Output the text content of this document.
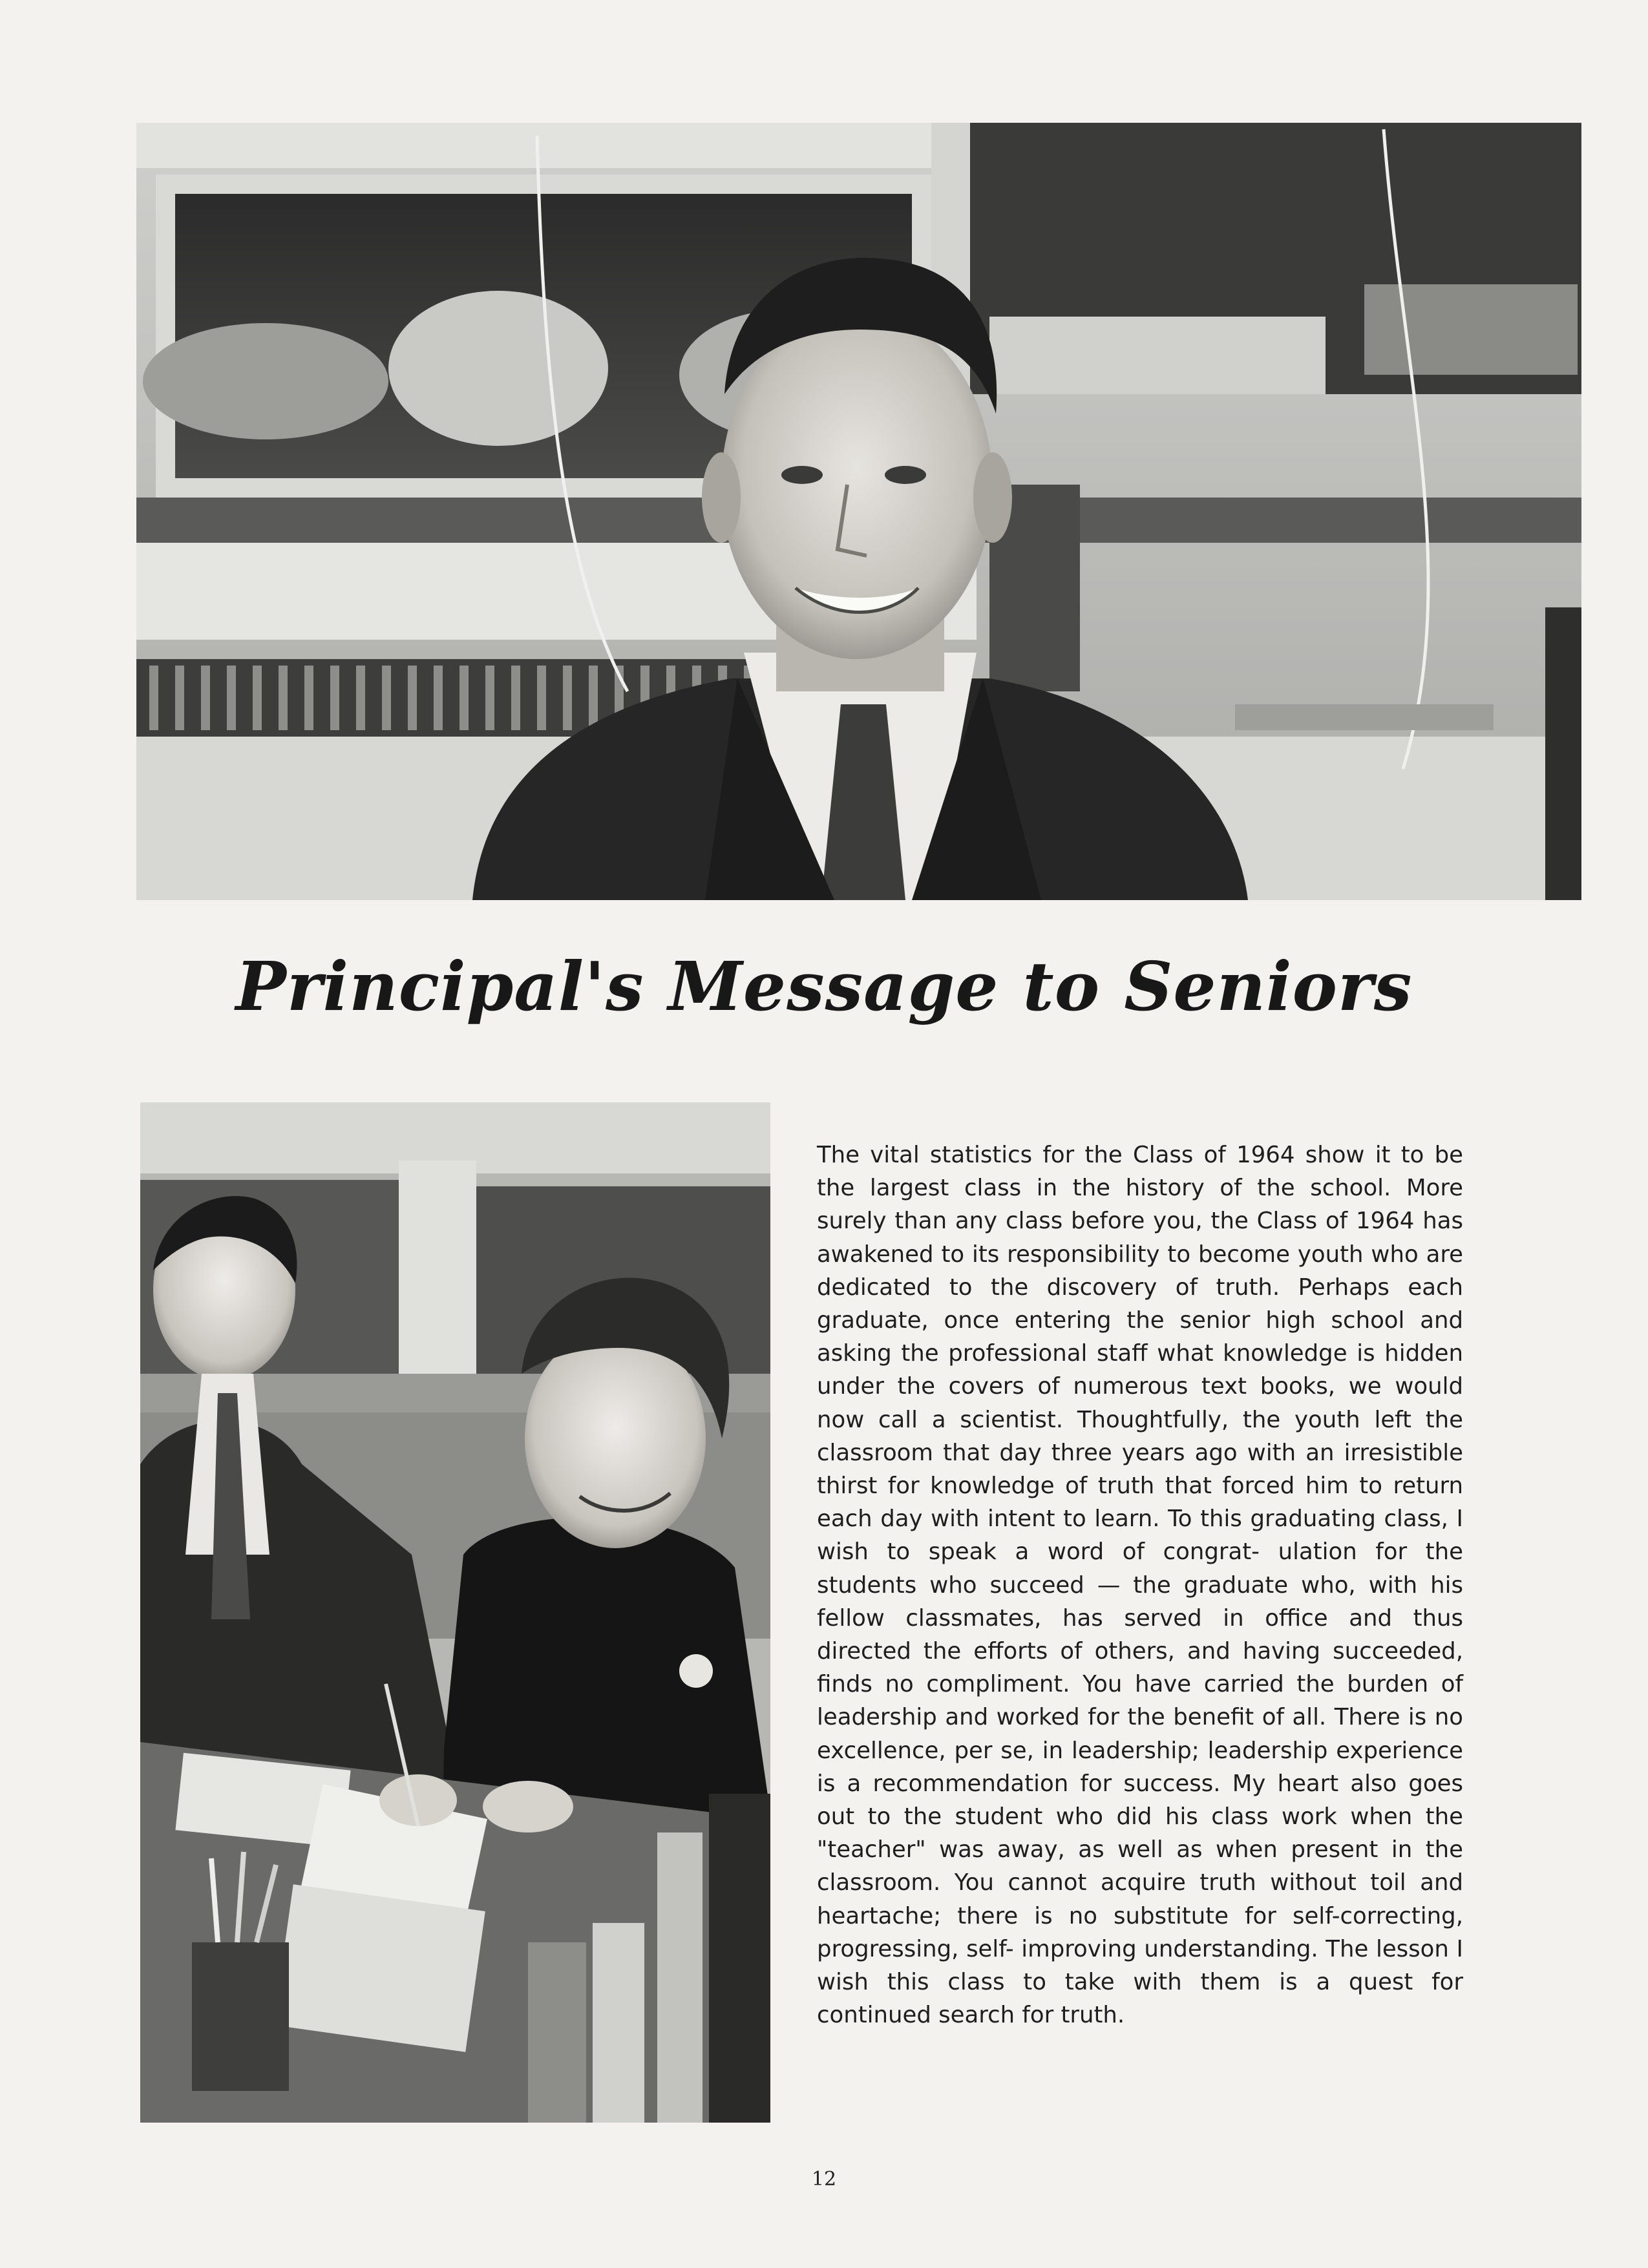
Principal's Message to Seniors

The vital statistics for the Class of 1964 show it to be the largest class in the history of the school. More surely than any class before you, the Class of 1964 has awakened to its responsibility to become youth who are dedicated to the discovery of truth. Perhaps each graduate, once entering the senior high school and asking the professional staff what knowledge is hidden under the covers of numerous text books, we would now call a scientist. Thoughtfully, the youth left the classroom that day three years ago with an irresistible thirst for knowledge of truth that forced him to return each day with intent to learn. To this graduating class, I wish to speak a word of congrat- ulation for the students who succeed — the graduate who, with his fellow classmates, has served in office and thus directed the efforts of others, and having succeeded, finds no compliment. You have carried the burden of leadership and worked for the benefit of all. There is no excellence, per se, in leadership; leadership experience is a recommendation for success. My heart also goes out to the student who did his class work when the "teacher" was away, as well as when present in the classroom. You cannot acquire truth without toil and heartache; there is no substitute for self-correcting, progressing, self- improving understanding. The lesson I wish this class to take with them is a quest for continued search for truth.

12
